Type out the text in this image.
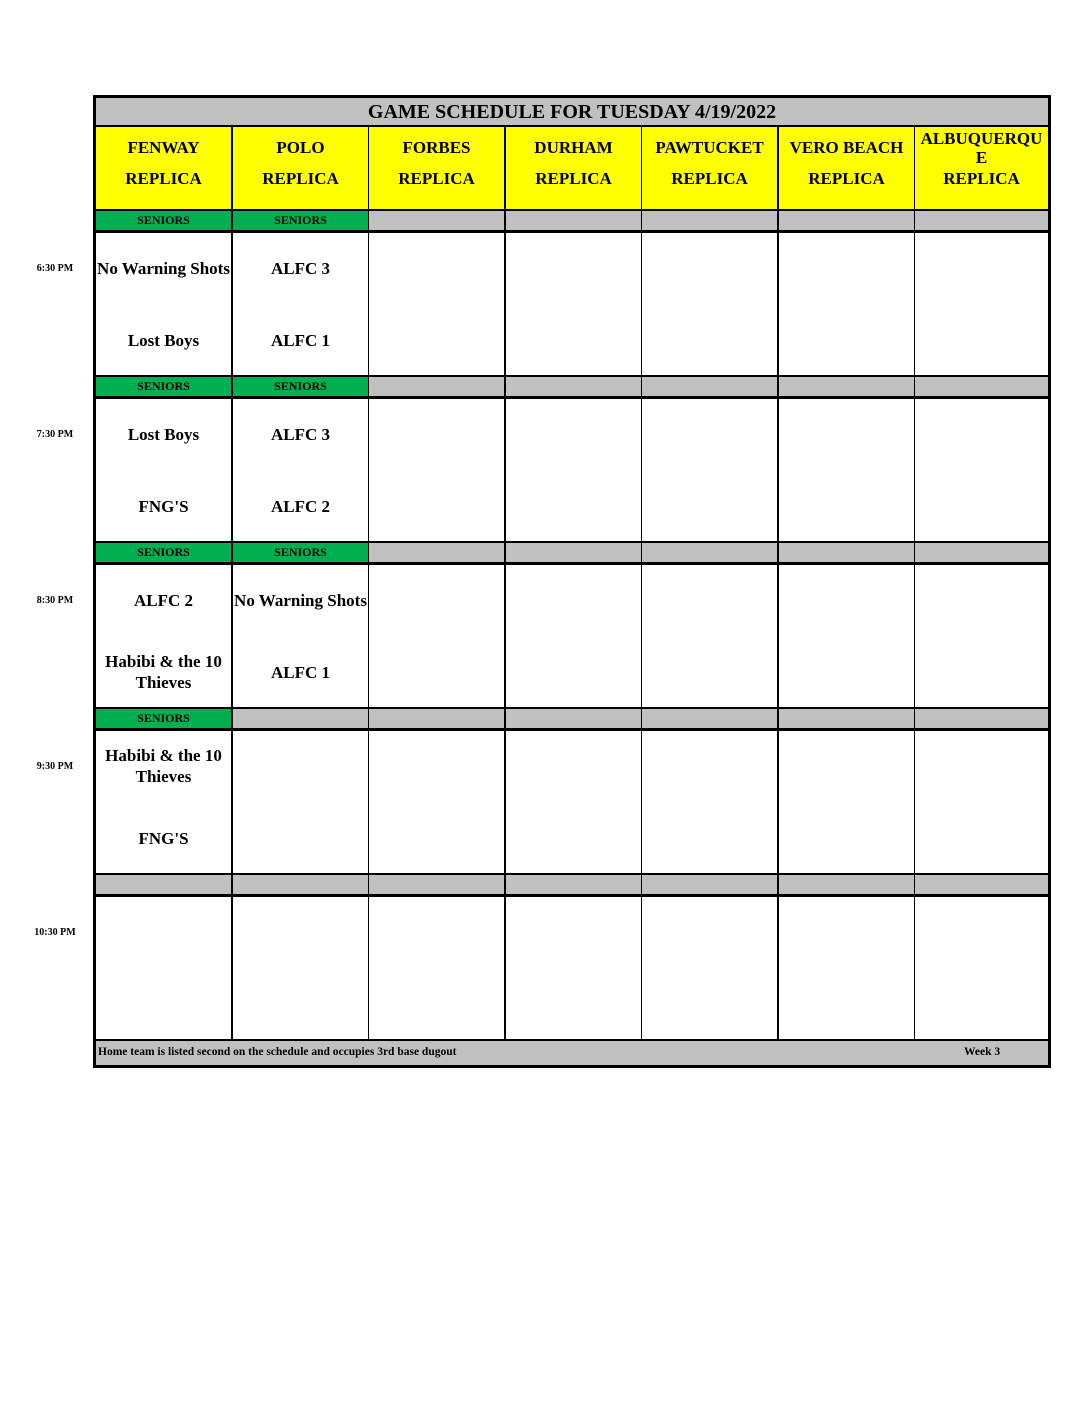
GAME SCHEDULE FOR TUESDAY 4/19/2022
Home team is listed second on the schedule and occupies 3rd base dugout	Week 3
FENWAY
REPLICA
POLO
REPLICA
FORBES
REPLICA
DURHAM
REPLICA
PAWTUCKET
REPLICA
VERO BEACH
REPLICA
ALBUQUERQU
E
REPLICA
SENIORS
No Warning Shots
Lost Boys
SENIORS
ALFC 3
ALFC 1
SENIORS
Lost Boys
FNG'S
SENIORS
ALFC 3
ALFC 2
SENIORS
ALFC 2
Habibi & the 10 Thieves
SENIORS
No Warning Shots
ALFC 1
SENIORS
Habibi & the 10 Thieves
FNG'S
6:30 PM
7:30 PM
8:30 PM
9:30 PM
10:30 PM
